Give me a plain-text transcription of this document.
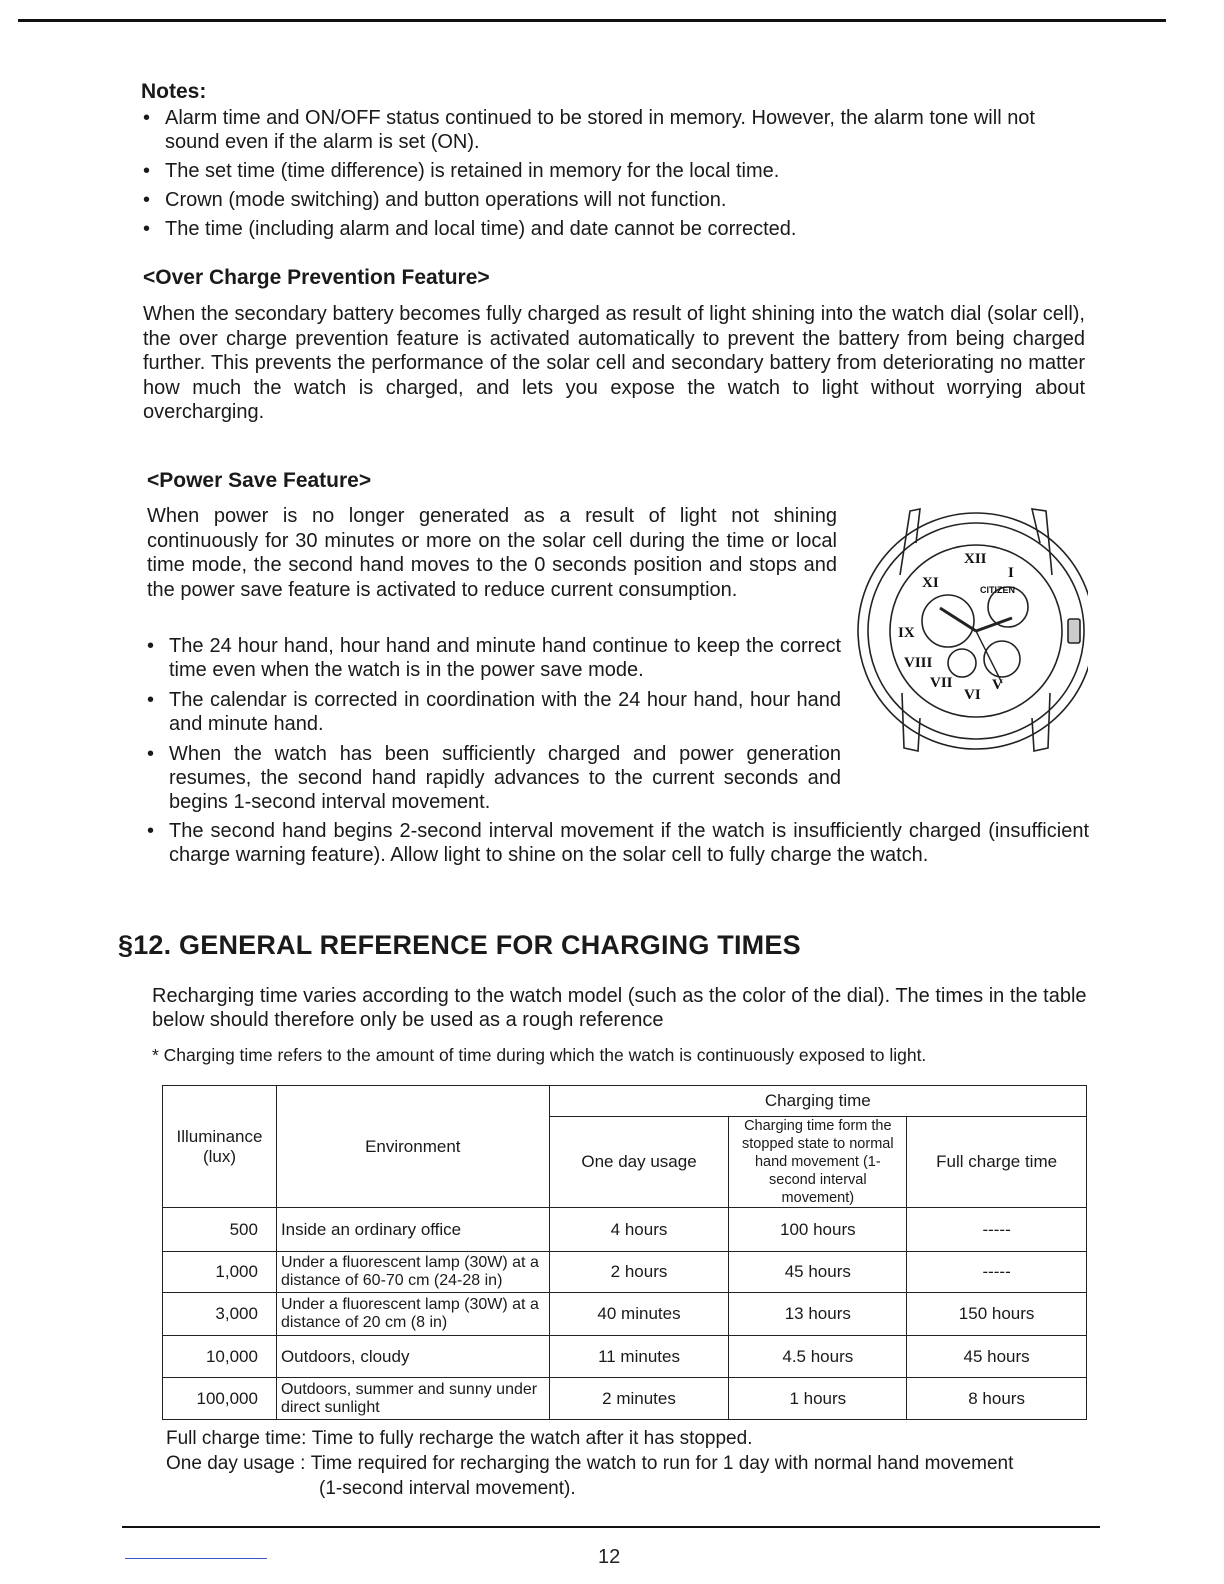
Notes:
• Alarm time and ON/OFF status continued to be stored in memory. However, the alarm tone will not sound even if the alarm is set (ON).
• The set time (time difference) is retained in memory for the local time.
• Crown (mode switching) and button operations will not function.
• The time (including alarm and local time) and date cannot be corrected.
<Over Charge Prevention Feature>

When the secondary battery becomes fully charged as result of light shining into the watch dial (solar cell), the over charge prevention feature is activated automatically to prevent the battery from being charged further. This prevents the performance of the solar cell and secondary battery from deteriorating no matter how much the watch is charged, and lets you expose the watch to light without worrying about overcharging.

<Power Save Feature>

When power is no longer generated as a result of light not shining continuously for 30 minutes or more on the solar cell during the time or local time mode, the second hand moves to the 0 seconds position and stops and the power save feature is activated to reduce current consumption.

• The 24 hour hand, hour hand and minute hand continue to keep the correct time even when the watch is in the power save mode.
• The calendar is corrected in coordination with the 24 hour hand, hour hand and minute hand.
• When the watch has been sufficiently charged and power generation resumes, the second hand rapidly advances to the current seconds and begins 1-second interval movement.
• The second hand begins 2-second interval movement if the watch is insufficiently charged (insufficient charge warning feature). Allow light to shine on the solar cell to fully charge the watch.
XII
I
V
VI
VII
VIII
IX
XI	CITIZEN
§12. GENERAL REFERENCE FOR CHARGING TIMES

Recharging time varies according to the watch model (such as the color of the dial). The times in the table below should therefore only be used as a rough reference

* Charging time refers to the amount of time during which the watch is continuously exposed to light.

Illuminance (lux)	Environment	Charging time		
		One day usage	Charging time form the stopped state to normal hand movement (1-second interval movement)	Full charge time
500	Inside an ordinary office	4 hours	100 hours	-----
1,000	Under a fluorescent lamp (30W) at a distance of 60-70 cm (24-28 in)	2 hours	45 hours	-----
3,000	Under a fluorescent lamp (30W) at a distance of 20 cm (8 in)	40 minutes	13 hours	150 hours
10,000	Outdoors, cloudy	11 minutes	4.5 hours	45 hours
100,000	Outdoors, summer and sunny under direct sunlight	2 minutes	1 hours	8 hours
Full charge time: Time to fully recharge the watch after it has stopped.
One day usage : Time required for recharging the watch to run for 1 day with normal hand movement
(1-second interval movement).
12
